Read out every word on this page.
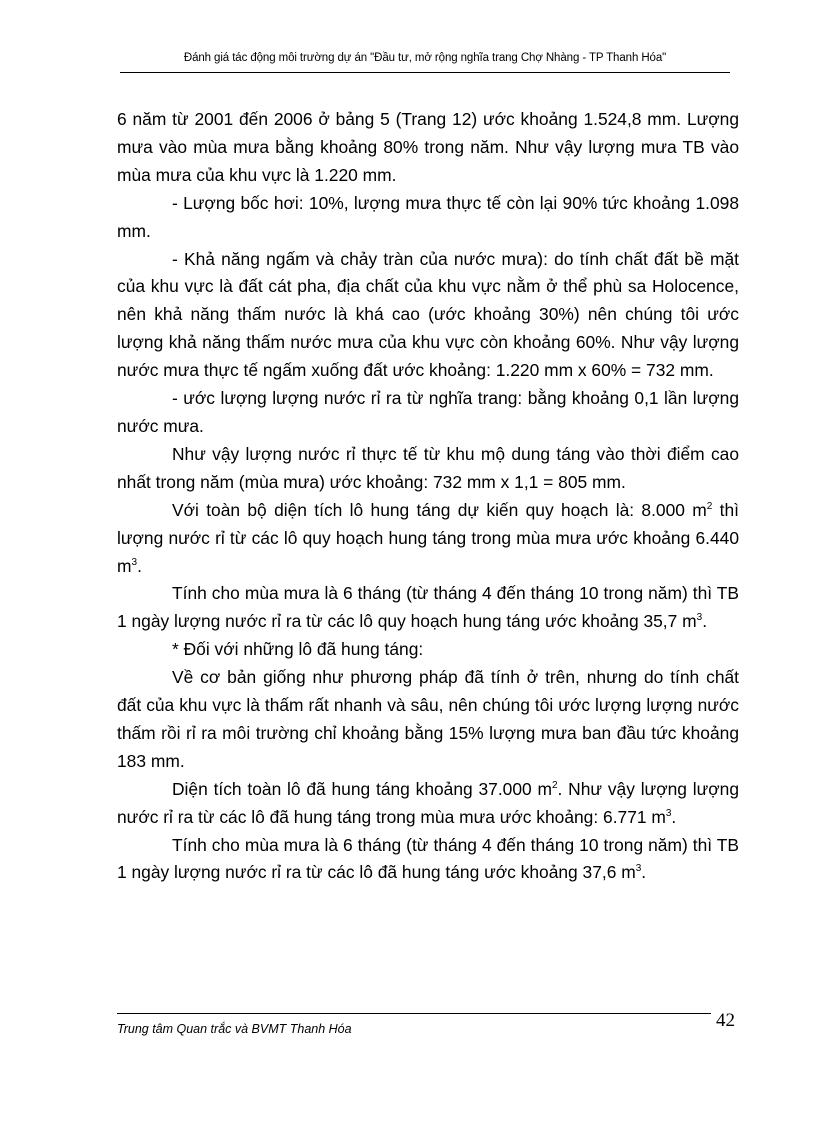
Đánh giá tác động môi trường dự án "Đầu tư, mở rộng nghĩa trang Chợ Nhàng - TP Thanh Hóa"

6 năm từ 2001 đến 2006 ở bảng 5 (Trang 12) ước khoảng 1.524,8 mm. Lượng mưa vào mùa mưa bằng khoảng 80% trong năm. Như vậy lượng mưa TB vào mùa mưa của khu vực là 1.220 mm.

- Lượng bốc hơi: 10%, lượng mưa thực tế còn lại 90% tức khoảng 1.098 mm.

- Khả năng ngấm và chảy tràn của nước mưa): do tính chất đất bề mặt của khu vực là đất cát pha, địa chất của khu vực nằm ở thể phù sa Holocence, nên khả năng thấm nước là khá cao (ước khoảng 30%) nên chúng tôi ước lượng khả năng thấm nước mưa của khu vực còn khoảng 60%. Như vậy lượng nước mưa thực tế ngấm xuống đất ước khoảng: 1.220 mm x 60% = 732 mm.

- ước lượng lượng nước rỉ ra từ nghĩa trang: bằng khoảng 0,1 lần lượng nước mưa.

Như vậy lượng nước rỉ thực tế từ khu mộ dung táng vào thời điểm cao nhất trong năm (mùa mưa) ước khoảng: 732 mm x 1,1 = 805 mm.

Với toàn bộ diện tích lô hung táng dự kiến quy hoạch là: 8.000 $m^2$ thì lượng nước rỉ từ các lô quy hoạch hung táng trong mùa mưa ước khoảng 6.440 $m^3$.

Tính cho mùa mưa là 6 tháng (từ tháng 4 đến tháng 10 trong năm) thì TB 1 ngày lượng nước rỉ ra từ các lô quy hoạch hung táng ước khoảng 35,7 $m^3$.

* Đối với những lô đã hung táng:

Về cơ bản giống như phương pháp đã tính ở trên, nhưng do tính chất đất của khu vực là thấm rất nhanh và sâu, nên chúng tôi ước lượng lượng nước thấm rồi rỉ ra môi trường chỉ khoảng bằng 15% lượng mưa ban đầu tức khoảng 183 mm.

Diện tích toàn lô đã hung táng khoảng 37.000 $m^2$. Như vậy lượng lượng nước rỉ ra từ các lô đã hung táng trong mùa mưa ước khoảng: 6.771 $m^3$.

Tính cho mùa mưa là 6 tháng (từ tháng 4 đến tháng 10 trong năm) thì TB 1 ngày lượng nước rỉ ra từ các lô đã hung táng ước khoảng 37,6 $m^3$.

Trung tâm Quan trắc và BVMT Thanh Hóa	42
